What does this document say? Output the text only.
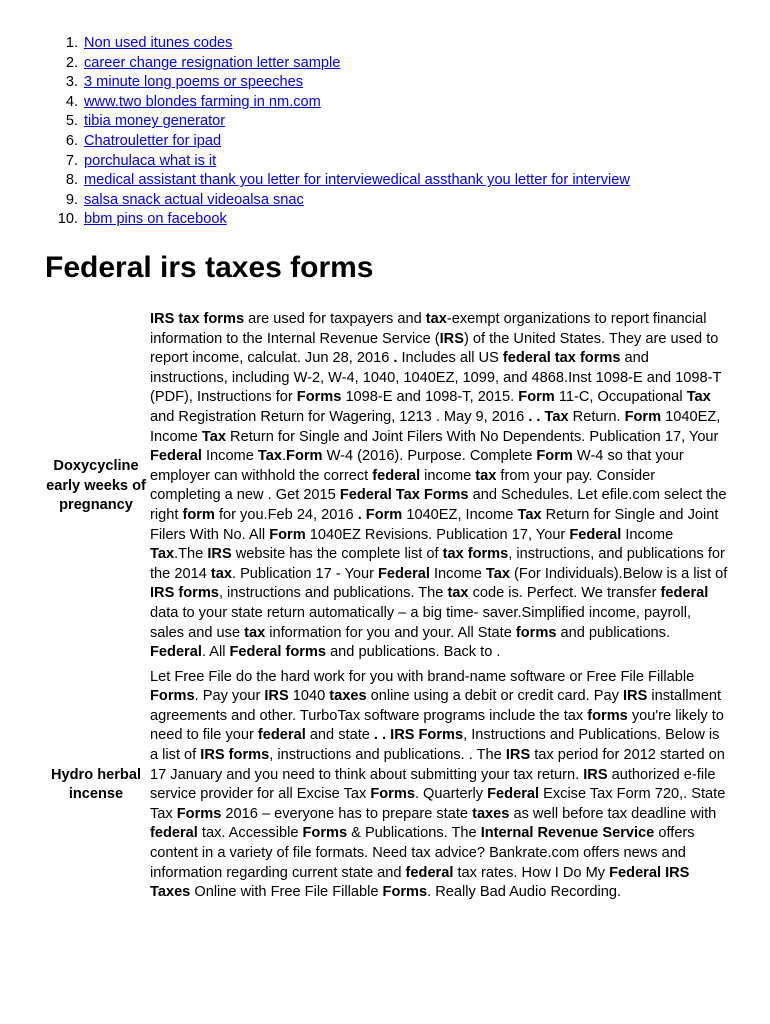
1. Non used itunes codes
2. career change resignation letter sample
3. 3 minute long poems or speeches
4. www.two blondes farming in nm.com
5. tibia money generator
6. Chatrouletter for ipad
7. porchulaca what is it
8. medical assistant thank you letter for interviewedical assthank you letter for interview
9. salsa snack actual videoalsa snac
10. bbm pins on facebook
Federal irs taxes forms
Doxycycline early weeks of pregnancy
IRS tax forms are used for taxpayers and tax-exempt organizations to report financial information to the Internal Revenue Service (IRS) of the United States. They are used to report income, calculat. Jun 28, 2016 . Includes all US federal tax forms and instructions, including W-2, W-4, 1040, 1040EZ, 1099, and 4868.Inst 1098-E and 1098-T (PDF), Instructions for Forms 1098-E and 1098-T, 2015. Form 11-C, Occupational Tax and Registration Return for Wagering, 1213 . May 9, 2016 . . Tax Return. Form 1040EZ, Income Tax Return for Single and Joint Filers With No Dependents. Publication 17, Your Federal Income Tax.Form W-4 (2016). Purpose. Complete Form W-4 so that your employer can withhold the correct federal income tax from your pay. Consider completing a new . Get 2015 Federal Tax Forms and Schedules. Let efile.com select the right form for you.Feb 24, 2016 . Form 1040EZ, Income Tax Return for Single and Joint Filers With No. All Form 1040EZ Revisions. Publication 17, Your Federal Income Tax.The IRS website has the complete list of tax forms, instructions, and publications for the 2014 tax. Publication 17 - Your Federal Income Tax (For Individuals).Below is a list of IRS forms, instructions and publications. The tax code is. Perfect. We transfer federal data to your state return automatically – a big time- saver.Simplified income, payroll, sales and use tax information for you and your. All State forms and publications. Federal. All Federal forms and publications. Back to .
Hydro herbal incense
Let Free File do the hard work for you with brand-name software or Free File Fillable Forms. Pay your IRS 1040 taxes online using a debit or credit card. Pay IRS installment agreements and other. TurboTax software programs include the tax forms you're likely to need to file your federal and state . . IRS Forms, Instructions and Publications. Below is a list of IRS forms, instructions and publications. . The IRS tax period for 2012 started on 17 January and you need to think about submitting your tax return. IRS authorized e-file service provider for all Excise Tax Forms. Quarterly Federal Excise Tax Form 720,. State Tax Forms 2016 – everyone has to prepare state taxes as well before tax deadline with federal tax. Accessible Forms & Publications. The Internal Revenue Service offers content in a variety of file formats. Need tax advice? Bankrate.com offers news and information regarding current state and federal tax rates. How I Do My Federal IRS Taxes Online with Free File Fillable Forms. Really Bad Audio Recording.
